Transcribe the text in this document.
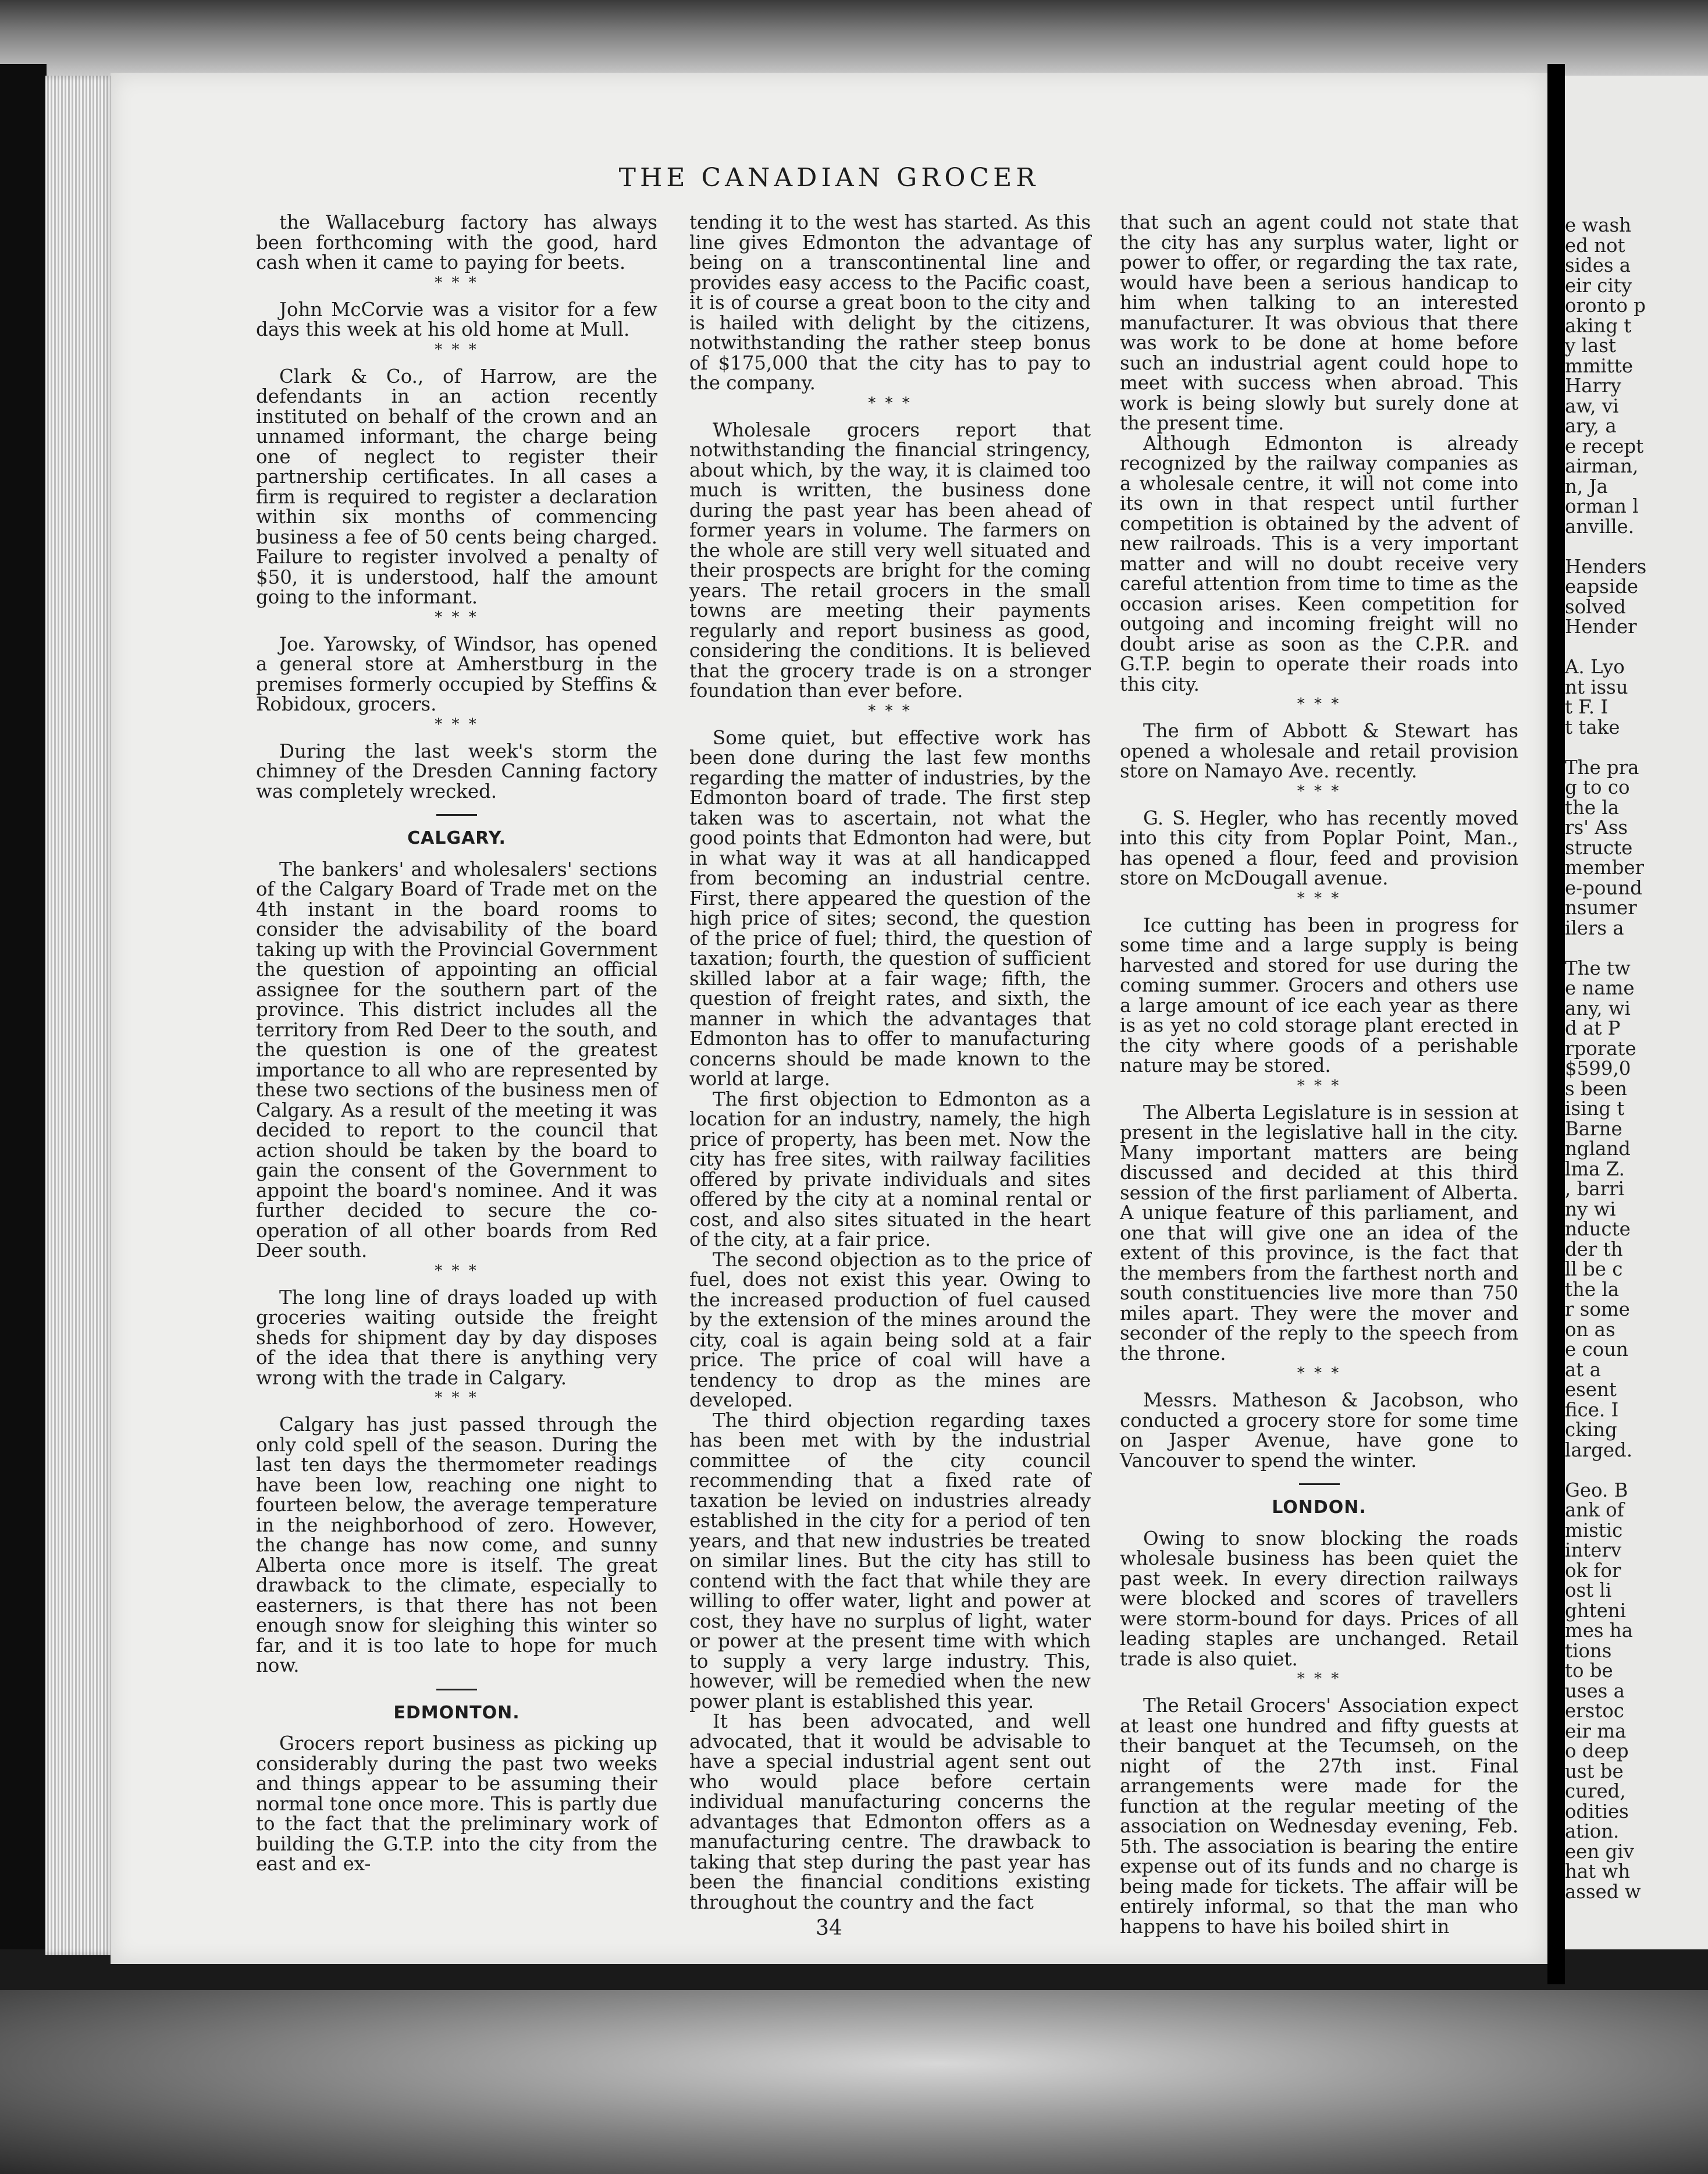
THE CANADIAN GROCER

the Wallaceburg factory has always been forthcoming with the good, hard cash when it came to paying for beets.

* * *

John McCorvie was a visitor for a few days this week at his old home at Mull.

* * *

Clark & Co., of Harrow, are the defendants in an action recently instituted on behalf of the crown and an unnamed informant, the charge being one of neglect to register their partnership certificates. In all cases a firm is required to register a declaration within six months of commencing business a fee of 50 cents being charged. Failure to register involved a penalty of $50, it is understood, half the amount going to the informant.

* * *

Joe. Yarowsky, of Windsor, has opened a general store at Amherstburg in the premises formerly occupied by Steffins & Robidoux, grocers.

* * *

During the last week's storm the chimney of the Dresden Canning factory was completely wrecked.

CALGARY.

The bankers' and wholesalers' sections of the Calgary Board of Trade met on the 4th instant in the board rooms to consider the advisability of the board taking up with the Provincial Government the question of appointing an official assignee for the southern part of the province. This district includes all the territory from Red Deer to the south, and the question is one of the greatest importance to all who are represented by these two sections of the business men of Calgary. As a result of the meeting it was decided to report to the council that action should be taken by the board to gain the consent of the Government to appoint the board's nominee. And it was further decided to secure the co-operation of all other boards from Red Deer south.

* * *

The long line of drays loaded up with groceries waiting outside the freight sheds for shipment day by day disposes of the idea that there is anything very wrong with the trade in Calgary.

* * *

Calgary has just passed through the only cold spell of the season. During the last ten days the thermometer readings have been low, reaching one night to fourteen below, the average temperature in the neighborhood of zero. However, the change has now come, and sunny Alberta once more is itself. The great drawback to the climate, especially to easterners, is that there has not been enough snow for sleighing this winter so far, and it is too late to hope for much now.

EDMONTON.

Grocers report business as picking up considerably during the past two weeks and things appear to be assuming their normal tone once more. This is partly due to the fact that the preliminary work of building the G.T.P. into the city from the east and ex-

tending it to the west has started. As this line gives Edmonton the advantage of being on a transcontinental line and provides easy access to the Pacific coast, it is of course a great boon to the city and is hailed with delight by the citizens, notwithstanding the rather steep bonus of $175,000 that the city has to pay to the company.

* * *

Wholesale grocers report that notwithstanding the financial stringency, about which, by the way, it is claimed too much is written, the business done during the past year has been ahead of former years in volume. The farmers on the whole are still very well situated and their prospects are bright for the coming years. The retail grocers in the small towns are meeting their payments regularly and report business as good, considering the conditions. It is believed that the grocery trade is on a stronger foundation than ever before.

* * *

Some quiet, but effective work has been done during the last few months regarding the matter of industries, by the Edmonton board of trade. The first step taken was to ascertain, not what the good points that Edmonton had were, but in what way it was at all handicapped from becoming an industrial centre. First, there appeared the question of the high price of sites; second, the question of the price of fuel; third, the question of taxation; fourth, the question of sufficient skilled labor at a fair wage; fifth, the question of freight rates, and sixth, the manner in which the advantages that Edmonton has to offer to manufacturing concerns should be made known to the world at large.

The first objection to Edmonton as a location for an industry, namely, the high price of property, has been met. Now the city has free sites, with railway facilities offered by private individuals and sites offered by the city at a nominal rental or cost, and also sites situated in the heart of the city, at a fair price.

The second objection as to the price of fuel, does not exist this year. Owing to the increased production of fuel caused by the extension of the mines around the city, coal is again being sold at a fair price. The price of coal will have a tendency to drop as the mines are developed.

The third objection regarding taxes has been met with by the industrial committee of the city council recommending that a fixed rate of taxation be levied on industries already established in the city for a period of ten years, and that new industries be treated on similar lines. But the city has still to contend with the fact that while they are willing to offer water, light and power at cost, they have no surplus of light, water or power at the present time with which to supply a very large industry. This, however, will be remedied when the new power plant is established this year.

It has been advocated, and well advocated, that it would be advisable to have a special industrial agent sent out who would place before certain individual manufacturing concerns the advantages that Edmonton offers as a manufacturing centre. The drawback to taking that step during the past year has been the financial conditions existing throughout the country and the fact

that such an agent could not state that the city has any surplus water, light or power to offer, or regarding the tax rate, would have been a serious handicap to him when talking to an interested manufacturer. It was obvious that there was work to be done at home before such an industrial agent could hope to meet with success when abroad. This work is being slowly but surely done at the present time.

Although Edmonton is already recognized by the railway companies as a wholesale centre, it will not come into its own in that respect until further competition is obtained by the advent of new railroads. This is a very important matter and will no doubt receive very careful attention from time to time as the occasion arises. Keen competition for outgoing and incoming freight will no doubt arise as soon as the C.P.R. and G.T.P. begin to operate their roads into this city.

* * *

The firm of Abbott & Stewart has opened a wholesale and retail provision store on Namayo Ave. recently.

* * *

G. S. Hegler, who has recently moved into this city from Poplar Point, Man., has opened a flour, feed and provision store on McDougall avenue.

* * *

Ice cutting has been in progress for some time and a large supply is being harvested and stored for use during the coming summer. Grocers and others use a large amount of ice each year as there is as yet no cold storage plant erected in the city where goods of a perishable nature may be stored.

* * *

The Alberta Legislature is in session at present in the legislative hall in the city. Many important matters are being discussed and decided at this third session of the first parliament of Alberta. A unique feature of this parliament, and one that will give one an idea of the extent of this province, is the fact that the members from the farthest north and south constituencies live more than 750 miles apart. They were the mover and seconder of the reply to the speech from the throne.

* * *

Messrs. Matheson & Jacobson, who conducted a grocery store for some time on Jasper Avenue, have gone to Vancouver to spend the winter.

LONDON.

Owing to snow blocking the roads wholesale business has been quiet the past week. In every direction railways were blocked and scores of travellers were storm-bound for days. Prices of all leading staples are unchanged. Retail trade is also quiet.

* * *

The Retail Grocers' Association expect at least one hundred and fifty guests at their banquet at the Tecumseh, on the night of the 27th inst. Final arrangements were made for the function at the regular meeting of the association on Wednesday evening, Feb. 5th. The association is bearing the entire expense out of its funds and no charge is being made for tickets. The affair will be entirely informal, so that the man who happens to have his boiled shirt in

34
e wash
ed not
sides a
eir city
oronto p
aking t
y last
mmitte
Harry
aw, vi
ary, a
e recept
airman,
n, Ja
orman l
anville.

Henders
eapside
solved
Hender

A. Lyo
nt issu
t F. I
t take

The pra
g to co
the la
rs' Ass
structe
member
e-pound
nsumer
ilers a

The tw
e name
any, wi
d at P
rporate
$599,0
s been
ising t
Barne
ngland
lma Z.
, barri
ny wi
nducte
der th
ll be c
the la
r some
on as
e coun
at a
esent
fice. I
cking
larged.

Geo. B
ank of
mistic
interv
ok for
ost li
ghteni
mes ha
tions
to be
uses a
erstoc
eir ma
o deep
ust be
cured,
odities
ation.
een giv
hat wh
assed w
